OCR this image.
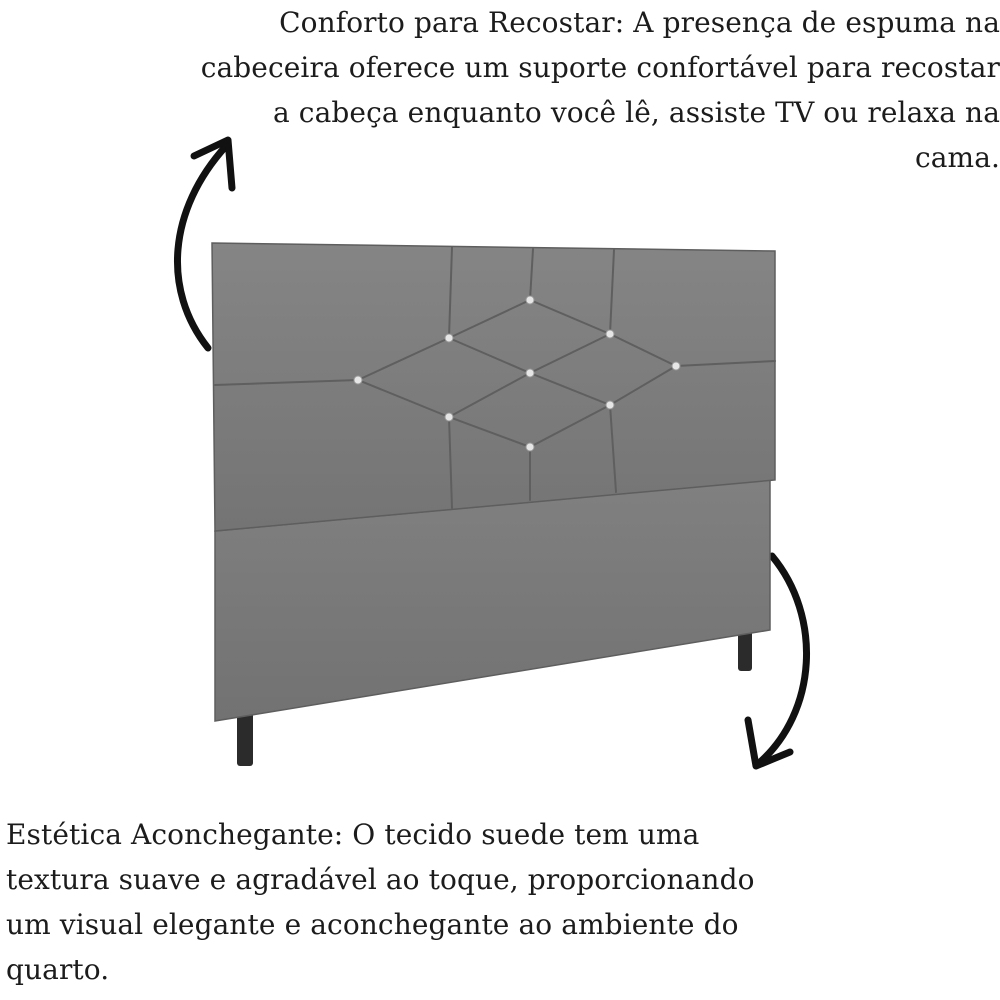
Conforto para Recostar: A presença de espuma na cabeceira oferece um suporte confortável para recostar a cabeça enquanto você lê, assiste TV ou relaxa na cama.

Estética Aconchegante: O tecido suede tem uma textura suave e agradável ao toque, proporcionando um visual elegante e aconchegante ao ambiente do quarto.
